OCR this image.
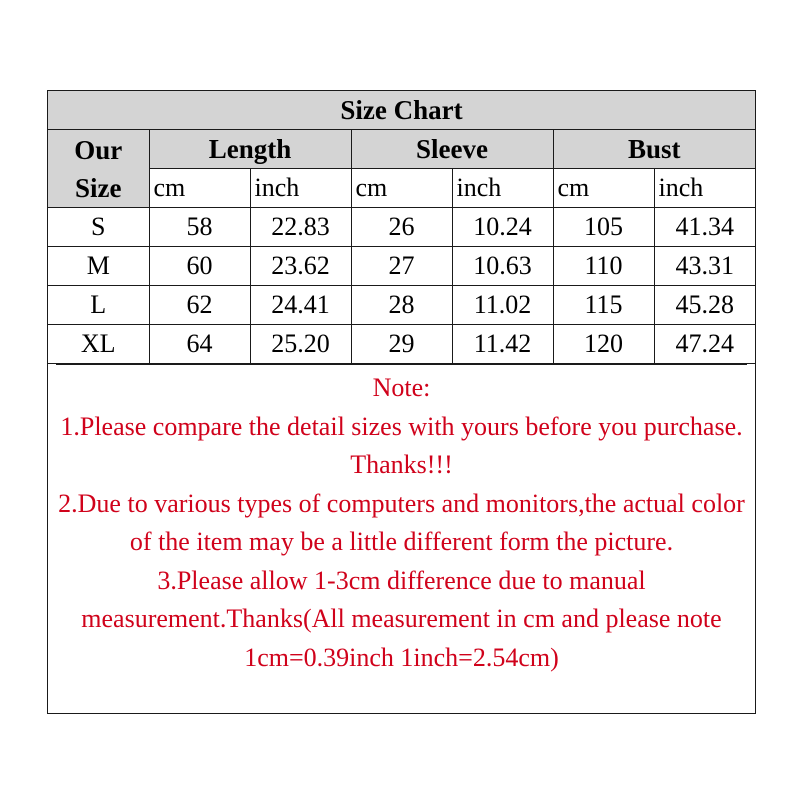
Size Chart						

Our
Size	Length		Sleeve		Bust	
	cm	inch	cm	inch	cm	inch
S	58	22.83	26	10.24	105	41.34
M	60	23.62	27	10.63	110	43.31
L	62	24.41	28	11.02	115	45.28
XL	64	25.20	29	11.42	120	47.24
Note:
1.Please compare the detail sizes with yours before you purchase. Thanks!!!
2.Due to various types of computers and monitors,the actual color of the item may be a little different form the picture.
3.Please allow 1-3cm difference due to manual measurement.Thanks(All measurement in cm and please note 1cm=0.39inch 1inch=2.54cm)
